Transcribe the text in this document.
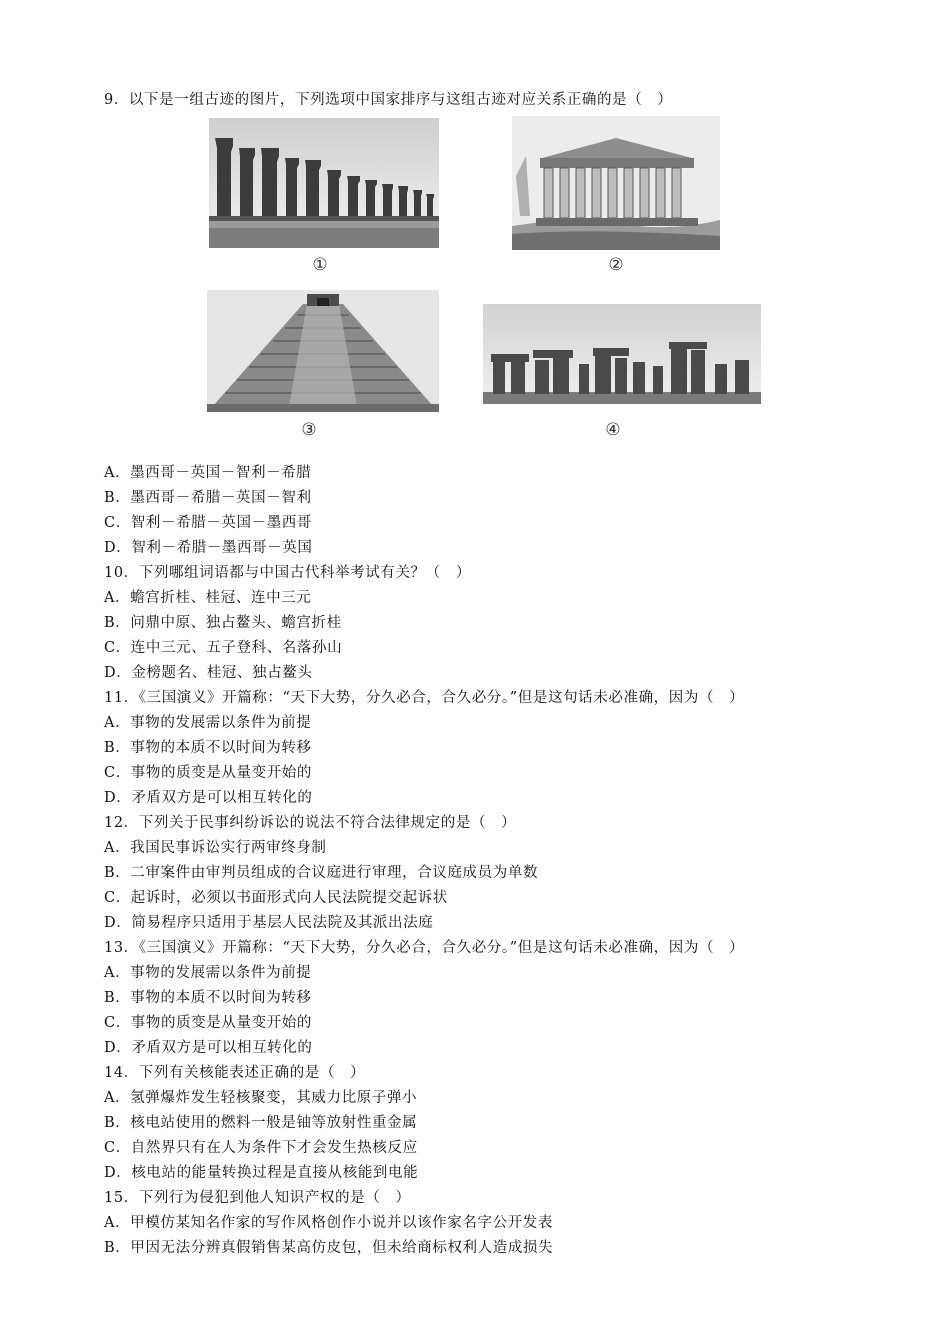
9．以下是一组古迹的图片，下列选项中国家排序与这组古迹对应关系正确的是（　）
①	②
③	④
A．墨西哥－英国－智利－希腊
B．墨西哥－希腊－英国－智利
C．智利－希腊－英国－墨西哥
D．智利－希腊－墨西哥－英国
10．下列哪组词语都与中国古代科举考试有关？（　）
A．蟾宫折桂、桂冠、连中三元
B．问鼎中原、独占鳌头、蟾宫折桂
C．连中三元、五子登科、名落孙山
D．金榜题名、桂冠、独占鳌头
11．《三国演义》开篇称：“天下大势，分久必合，合久必分。”但是这句话未必准确，因为（　）
A．事物的发展需以条件为前提
B．事物的本质不以时间为转移
C．事物的质变是从量变开始的
D．矛盾双方是可以相互转化的
12．下列关于民事纠纷诉讼的说法不符合法律规定的是（　）
A．我国民事诉讼实行两审终身制
B．二审案件由审判员组成的合议庭进行审理，合议庭成员为单数
C．起诉时，必须以书面形式向人民法院提交起诉状
D．简易程序只适用于基层人民法院及其派出法庭
13．《三国演义》开篇称：“天下大势，分久必合，合久必分。”但是这句话未必准确，因为（　）
A．事物的发展需以条件为前提
B．事物的本质不以时间为转移
C．事物的质变是从量变开始的
D．矛盾双方是可以相互转化的
14．下列有关核能表述正确的是（　）
A．氢弹爆炸发生轻核聚变，其威力比原子弹小
B．核电站使用的燃料一般是铀等放射性重金属
C．自然界只有在人为条件下才会发生热核反应
D．核电站的能量转换过程是直接从核能到电能
15．下列行为侵犯到他人知识产权的是（　）
A．甲模仿某知名作家的写作风格创作小说并以该作家名字公开发表
B．甲因无法分辨真假销售某高仿皮包，但未给商标权利人造成损失
